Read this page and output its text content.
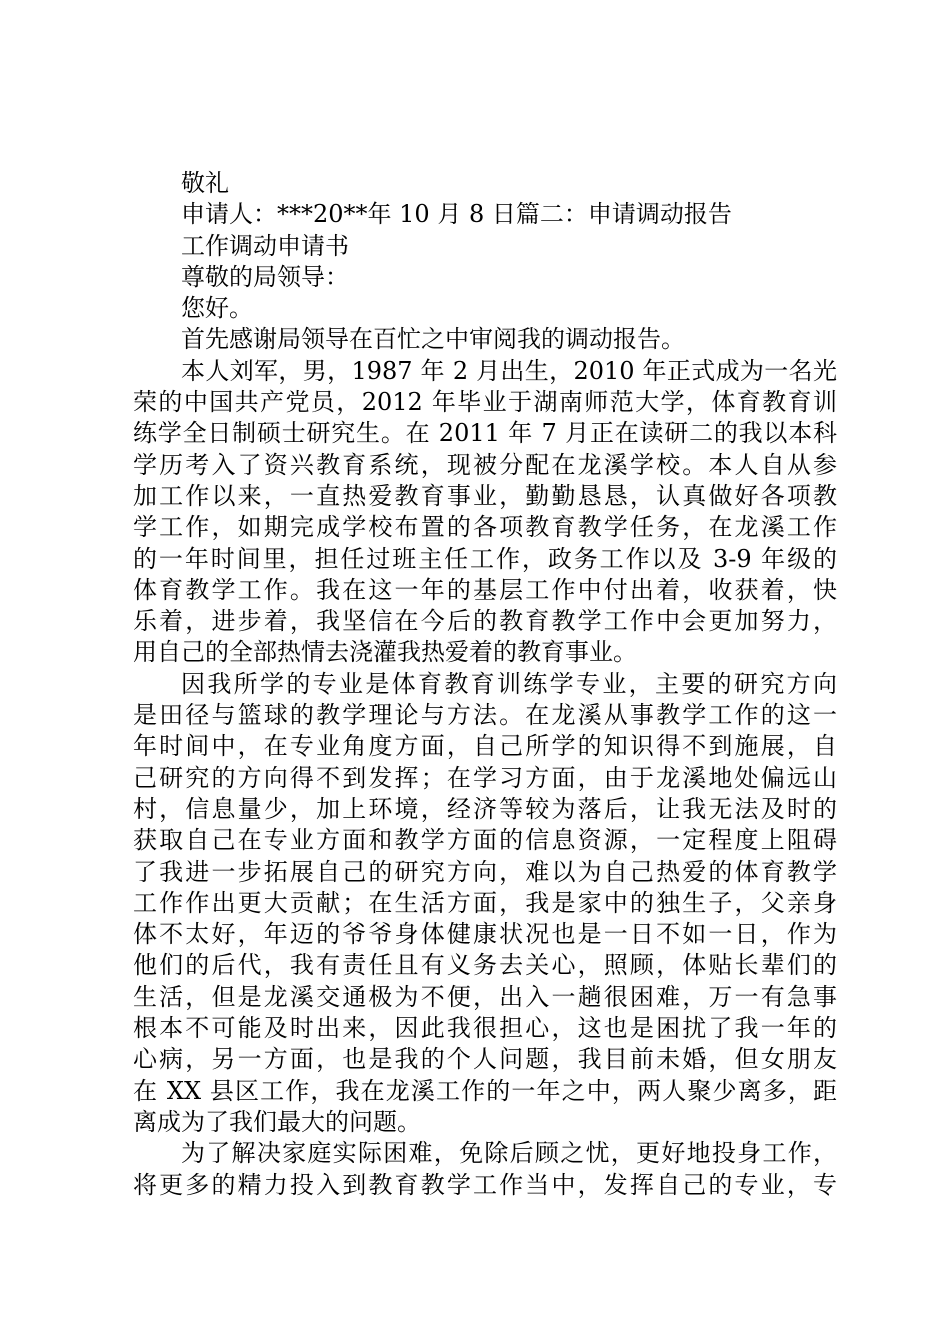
敬礼
申请人：***20**年 10 月 8 日篇二：申请调动报告
工作调动申请书
尊敬的局领导：
您好。
首先感谢局领导在百忙之中审阅我的调动报告。
本人刘军，男，1987 年 2 月出生，2010 年正式成为一名光
荣的中国共产党员，2012 年毕业于湖南师范大学，体育教育训
练学全日制硕士研究生。在 2011 年 7 月正在读研二的我以本科
学历考入了资兴教育系统，现被分配在龙溪学校。本人自从参
加工作以来，一直热爱教育事业，勤勤恳恳，认真做好各项教
学工作，如期完成学校布置的各项教育教学任务，在龙溪工作
的一年时间里，担任过班主任工作，政务工作以及 3-9 年级的
体育教学工作。我在这一年的基层工作中付出着，收获着，快
乐着，进步着，我坚信在今后的教育教学工作中会更加努力，
用自己的全部热情去浇灌我热爱着的教育事业。
因我所学的专业是体育教育训练学专业，主要的研究方向
是田径与篮球的教学理论与方法。在龙溪从事教学工作的这一
年时间中，在专业角度方面，自己所学的知识得不到施展，自
己研究的方向得不到发挥；在学习方面，由于龙溪地处偏远山
村，信息量少，加上环境，经济等较为落后，让我无法及时的
获取自己在专业方面和教学方面的信息资源，一定程度上阻碍
了我进一步拓展自己的研究方向，难以为自己热爱的体育教学
工作作出更大贡献；在生活方面，我是家中的独生子，父亲身
体不太好，年迈的爷爷身体健康状况也是一日不如一日，作为
他们的后代，我有责任且有义务去关心，照顾，体贴长辈们的
生活，但是龙溪交通极为不便，出入一趟很困难，万一有急事
根本不可能及时出来，因此我很担心，这也是困扰了我一年的
心病，另一方面，也是我的个人问题，我目前未婚，但女朋友
在 XX 县区工作，我在龙溪工作的一年之中，两人聚少离多，距
离成为了我们最大的问题。
为了解决家庭实际困难，免除后顾之忧，更好地投身工作，
将更多的精力投入到教育教学工作当中，发挥自己的专业，专
